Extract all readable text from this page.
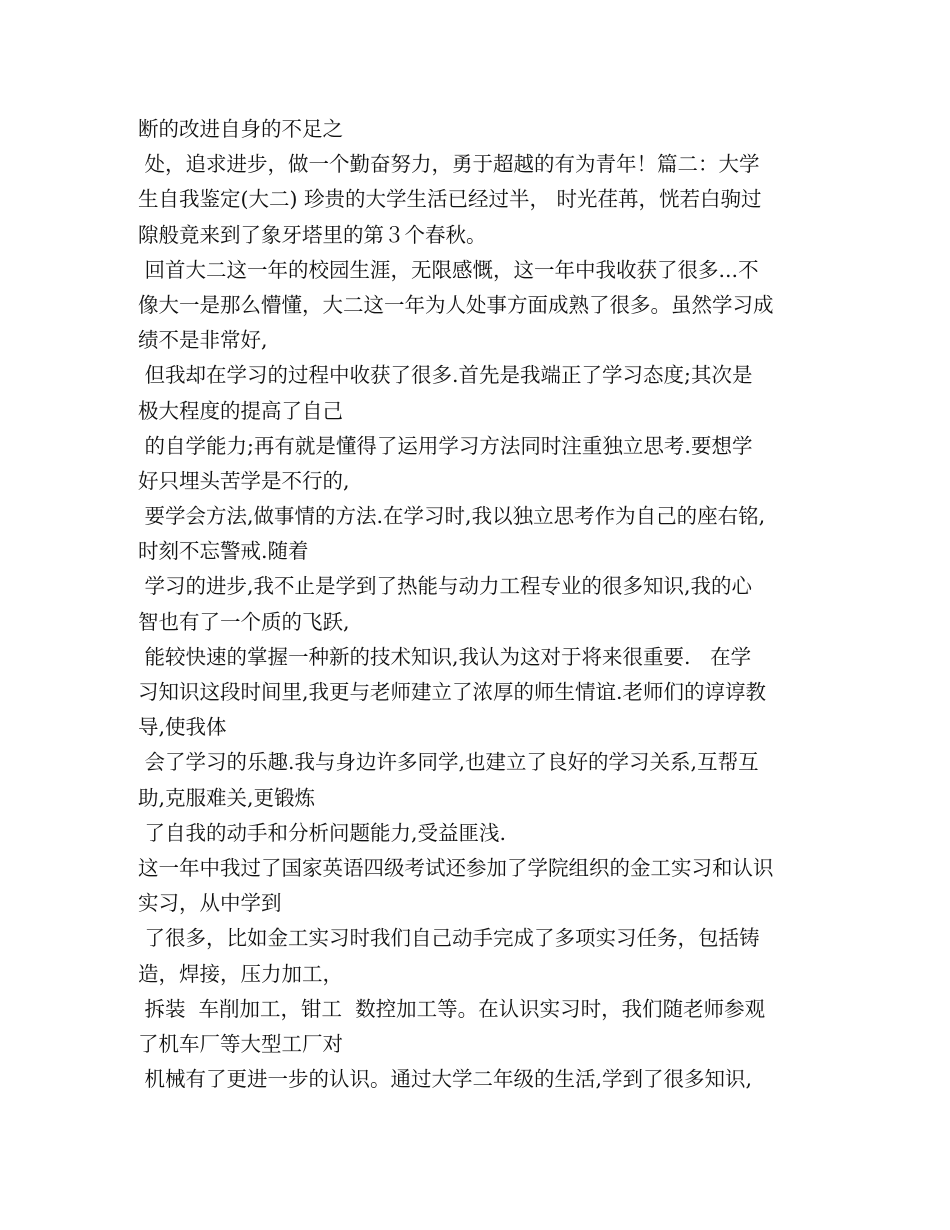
断的改进自身的不足之
处，追求进步，做一个勤奋努力，勇于超越的有为青年！篇二：大学
生自我鉴定(大二) 珍贵的大学生活已经过半， 时光荏苒，恍若白驹过
隙般竟来到了象牙塔里的第３个春秋。
回首大二这一年的校园生涯，无限感慨，这一年中我收获了很多...不
像大一是那么懵懂，大二这一年为人处事方面成熟了很多。虽然学习成
绩不是非常好,
但我却在学习的过程中收获了很多.首先是我端正了学习态度;其次是
极大程度的提高了自己
的自学能力;再有就是懂得了运用学习方法同时注重独立思考.要想学
好只埋头苦学是不行的,
要学会方法,做事情的方法.在学习时,我以独立思考作为自己的座右铭,
时刻不忘警戒.随着
学习的进步,我不止是学到了热能与动力工程专业的很多知识,我的心
智也有了一个质的飞跃,
能较快速的掌握一种新的技术知识,我认为这对于将来很重要.   在学
习知识这段时间里,我更与老师建立了浓厚的师生情谊.老师们的谆谆教
导,使我体
会了学习的乐趣.我与身边许多同学,也建立了良好的学习关系,互帮互
助,克服难关,更锻炼
了自我的动手和分析问题能力,受益匪浅.
这一年中我过了国家英语四级考试还参加了学院组织的金工实习和认识
实习，从中学到
了很多，比如金工实习时我们自己动手完成了多项实习任务，包括铸
造，焊接，压力加工，
拆装  车削加工，钳工  数控加工等。在认识实习时，我们随老师参观
了机车厂等大型工厂对
机械有了更进一步的认识。通过大学二年级的生活,学到了很多知识,
